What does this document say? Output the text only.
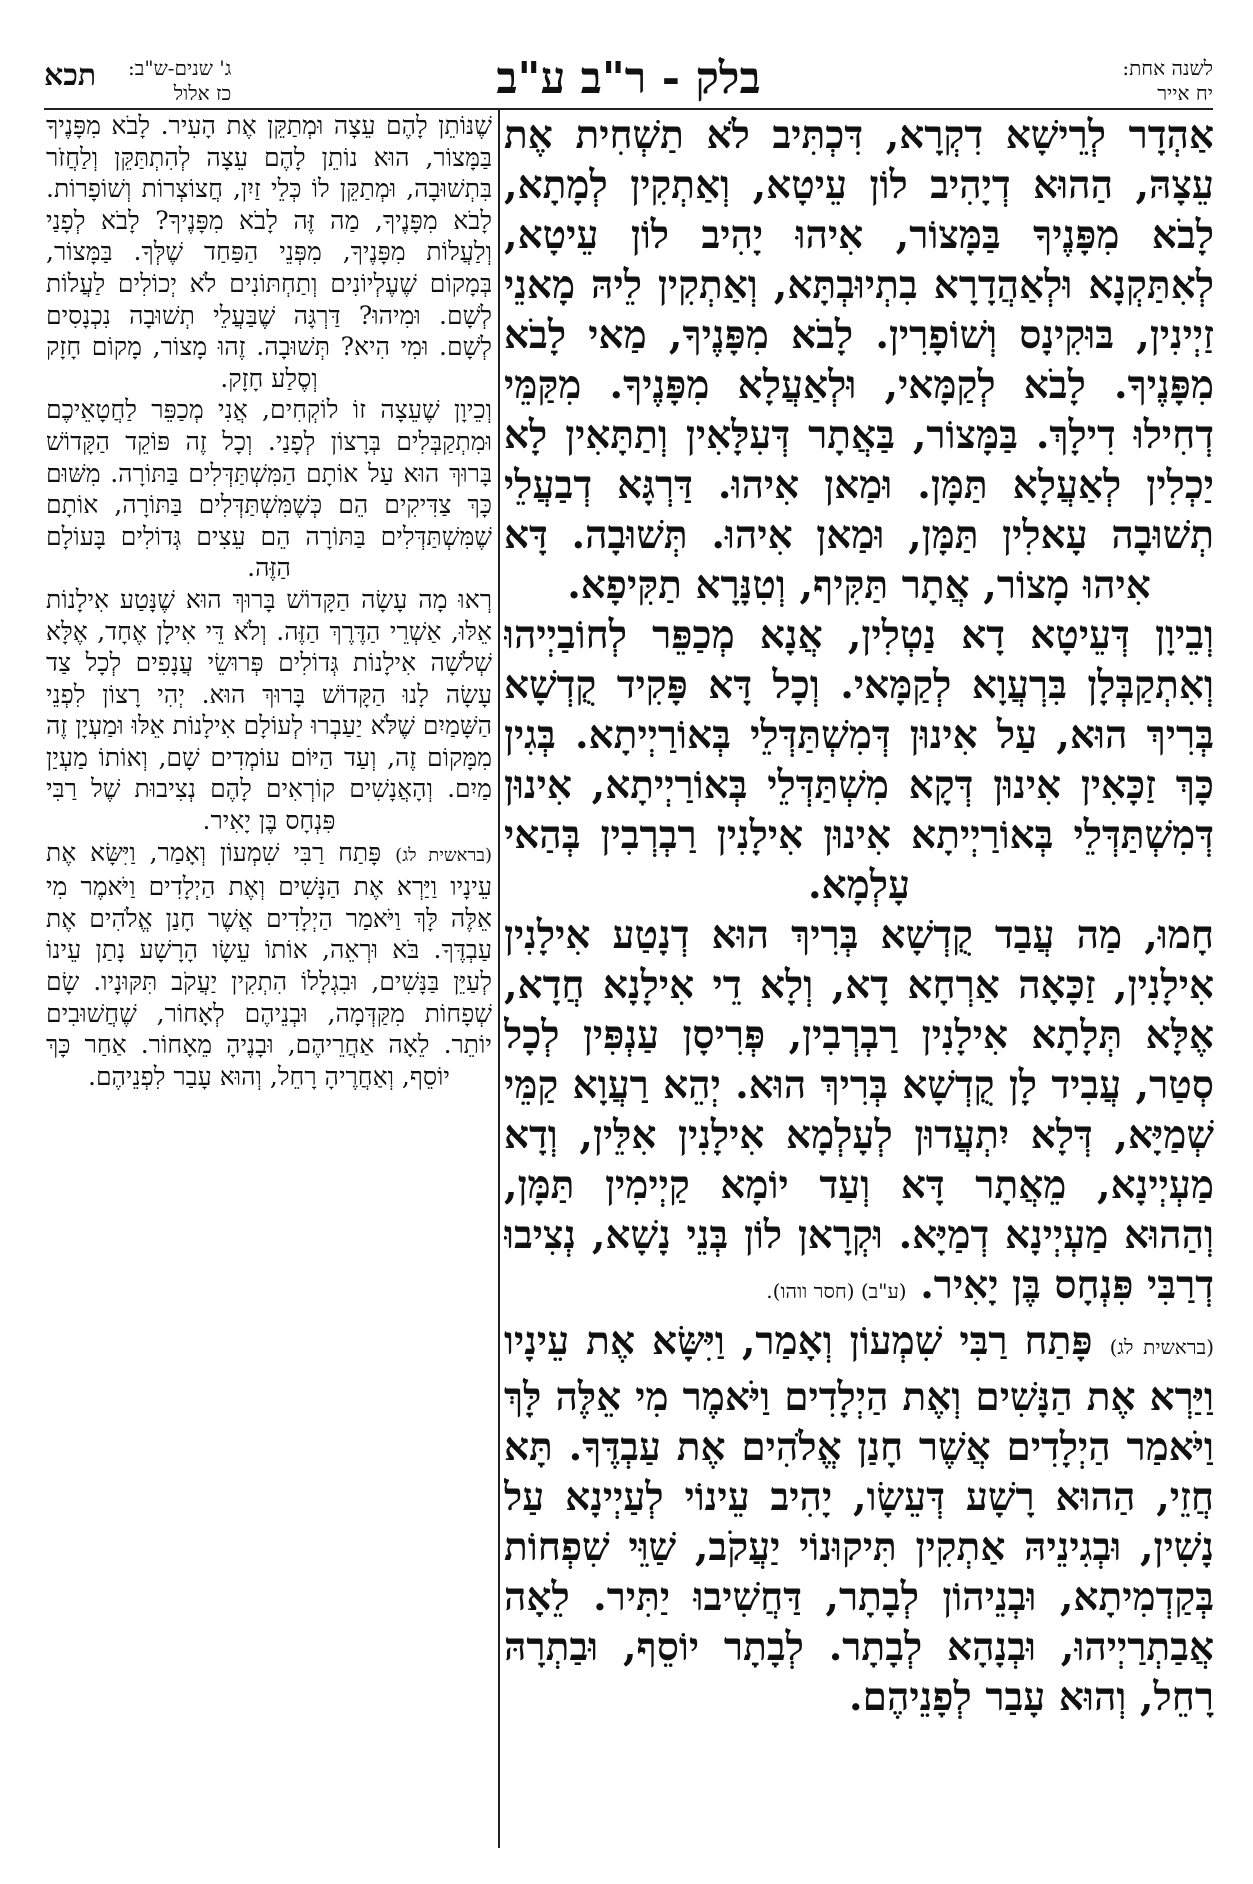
לשנה אחת:
יח אייר
בלק - ר"ב ע"ב
ג' שנים-ש"ב:
כז אלול
תכא

אַהְדָר לְרֵישָׁא דִקְרָא, דִּכְתִּיב לֹא תַשְׁחִית אֶת עֵצָהּ, הַהוּא דְיָהִיב לוֹן עֵיטָא, וְאַתְקִין לְמָתָא, לָבֹא מִפָּנֶיךָ בַּמָּצוֹר, אִיהוּ יָהִיב לוֹן עֵיטָא, לְאִתַּקְנָא וּלְאַהֲדָרָא בִתְיוּבְתָּא, וְאַתְקִין לֵיהּ מָאנֵי זַיְינִין, בּוּקִינָס וְשׁוֹפָרִין. לָבֹא מִפָּנֶיךָ, מַאי לָבֹא מִפָּנֶיךָ. לָבֹא לְקַמָּאי, וּלְאַעֲלָא מִפָּנֶיךָ. מִקַּמֵּי דְחִילוּ דִילָךְ. בַּמָּצוֹר, בַּאֲתָר דְּעִלָּאִין וְתַתָּאִין לָא יַכְלִין לְאַעֲלָא תַּמָּן. וּמַאן אִיהוּ. דַּרְגָּא דְבַעֲלֵי תְשׁוּבָה עָאלִין תַּמָּן, וּמַאן אִיהוּ. תְּשׁוּבָה. דָּא אִיהוּ מָצוֹר, אֲתָר תַּקִּיף, וְטִנָּרָא תַקִּיפָא.

וְבֵיוָן דְּעֵיטָא דָא נַטְלִין, אֲנָא מְכַפֵּר לְחוֹבַיְיהוּ וְאִתְקַבְּלָן בִּרְעֲוָא לְקַמָּאי. וְכָל דָּא פָּקִיד קֻדְשָׁא בְּרִיךְ הוּא, עַל אִינוּן דְּמִשְׁתַּדְּלֵי בְּאוֹרַיְיתָא. בְּגִין כָּךְ זַכָּאִין אִינוּן דְּקָא מִשְׁתַּדְּלֵי בְּאוֹרַיְיתָא, אִינוּן דְּמִשְׁתַּדְּלֵי בְּאוֹרַיְיתָא אִינוּן אִילָנִין רַבְרְבִין בְּהַאי עָלְמָא.

חָמוּ, מַה עֲבַד קֻדְשָׁא בְּרִיךְ הוּא דְנָטַע אִילָנִין אִילָנִין, זַכָּאָה אַרְחָא דָא, וְלָא דֵי אִילָנָא חֲדָא, אֶלָּא תְּלָתָא אִילָנִין רַבְרְבִין, פְּרִיסָן עַנְפִּין לְכָל סְטַר, עֲבִיד לָן קֻדְשָׁא בְּרִיךְ הוּא. יְהֵא רַעֲוָא קַמֵּי שְׁמַיָּא, דְּלָא יִתְעֲדוּן לְעָלְמָא אִילָנִין אִלֵּין, וְדָא מַעְיְינָא, מֵאֲתָר דָּא וְעַד יוֹמָא קַיְימִין תַּמָּן, וְהַהוּא מַעְיְינָא דְמַיָּא. וּקְרָאן לוֹן בְּנֵי נָשָׁא, נְצִיבוּ דְרַבִּי פִּנְחָס בֶּן יָאִיר. (ע"ב) (חסר ווהו).

(בראשית לג) פָּתַח רַבִּי שִׁמְעוֹן וְאָמַר, וַיִּשָּׂא אֶת עֵינָיו וַיַּרְא אֶת הַנָּשִׁים וְאֶת הַיְלָדִים וַיֹּאמֶר מִי אֵלֶּה לָּךְ וַיֹּאמַר הַיְלָדִים אֲשֶׁר חָנַן אֱלֹהִים אֶת עַבְדֶּךָ. תָּא חֲזֵי, הַהוּא רָשָׁע דְּעֵשָׂו, יָהִיב עֵינוֹי לְעַיְינָא עַל נָשִׁין, וּבְגִינֵיהּ אַתְקִין תִּיקוּנוֹי יַעֲקֹב, שַׁוֵּי שִׁפְחוֹת בְּקַדְמִיתָא, וּבְנֵיהוֹן לְבָתָר, דַּחֲשִׁיבוּ יַתִּיר. לֵאָה אֲבַתְרַיְיהוּ, וּבְנָהָא לְבָתָר. לְבָתָר יוֹסֵף, וּבַתְרָהּ רָחֵל, וְהוּא עָבַר לְפָנֵיהֶם.

שֶׁנּוֹתֵן לָהֶם עֵצָה וּמְתַקֵּן אֶת הָעִיר. לָבֹא מִפָּנֶיךָ בַּמָּצוֹר, הוּא נוֹתֵן לָהֶם עֵצָה לְהִתְתַּקֵּן וְלַחֲזֹר בִּתְשׁוּבָה, וּמְתַקֵּן לוֹ כְּלֵי זַיִן, חֲצוֹצְרוֹת וְשׁוֹפָרוֹת. לָבֹא מִפָּנֶיךָ, מַה זֶּה לָבֹא מִפָּנֶיךָ? לָבֹא לְפָנַי וְלַעֲלוֹת מִפָּנֶיךָ, מִפְּנֵי הַפַּחַד שֶׁלְּךָ. בַּמָּצוֹר, בְּמָקוֹם שֶׁעֶלְיוֹנִים וְתַחְתּוֹנִים לֹא יְכוֹלִים לַעֲלוֹת לְשָׁם. וּמִיהוּ? דַּרְגָּה שֶׁבַּעֲלֵי תְשׁוּבָה נִכְנָסִים לְשָׁם. וּמִי הִיא? תְּשׁוּבָה. זֶהוּ מָצוֹר, מָקוֹם חָזָק וְסֶלַע חָזָק.

וְכֵיוָן שֶׁעֵצָה זוֹ לוֹקְחִים, אֲנִי מְכַפֵּר לַחֲטָאֵיכֶם וּמִתְקַבְּלִים בְּרָצוֹן לְפָנַי. וְכָל זֶה פּוֹקֵד הַקָּדוֹשׁ בָּרוּךְ הוּא עַל אוֹתָם הַמִּשְׁתַּדְּלִים בַּתּוֹרָה. מִשּׁוּם כָּךְ צַדִּיקִים הֵם כְּשֶׁמִּשְׁתַּדְּלִים בַּתּוֹרָה, אוֹתָם שֶׁמִּשְׁתַּדְּלִים בַּתּוֹרָה הֵם עֵצִים גְּדוֹלִים בָּעוֹלָם הַזֶּה.

רְאוּ מָה עָשָׂה הַקָּדוֹשׁ בָּרוּךְ הוּא שֶׁנָּטַע אִילָנוֹת אֵלּוּ, אַשְׁרֵי הַדֶּרֶךְ הַזֶּה. וְלֹא דֵּי אִילָן אֶחָד, אֶלָּא שְׁלֹשָׁה אִילָנוֹת גְּדוֹלִים פְּרוּשֵׂי עֲנָפִים לְכָל צַד עָשָׂה לָנוּ הַקָּדוֹשׁ בָּרוּךְ הוּא. יְהִי רָצוֹן לִפְנֵי הַשָּׁמַיִם שֶׁלֹּא יַעַבְרוּ לְעוֹלָם אִילָנוֹת אֵלּוּ וּמַעְיָן זֶה מִמָּקוֹם זֶה, וְעַד הַיּוֹם עוֹמְדִים שָׁם, וְאוֹתוֹ מַעְיַן מַיִם. וְהָאֲנָשִׁים קוֹרְאִים לָהֶם נְצִיבוּת שֶׁל רַבִּי פִּנְחָס בֶּן יָאִיר.

(בראשית לג) פָּתַח רַבִּי שִׁמְעוֹן וְאָמַר, וַיִּשָּׂא אֶת עֵינָיו וַיַּרְא אֶת הַנָּשִׁים וְאֶת הַיְלָדִים וַיֹּאמֶר מִי אֵלֶּה לָּךְ וַיֹּאמַר הַיְלָדִים אֲשֶׁר חָנַן אֱלֹהִים אֶת עַבְדֶּךָ. בֹּא וּרְאֵה, אוֹתוֹ עֵשָׂו הָרָשָׁע נָתַן עֵינוֹ לְעַיֵּן בַּנָּשִׁים, וּבִגְלָלוֹ הִתְקִין יַעֲקֹב תִּקּוּנָיו. שָׂם שְׁפָחוֹת מִקַּדְּמָה, וּבְנֵיהֶם לְאָחוֹר, שֶׁחֲשׁוּבִים יוֹתֵר. לֵאָה אַחֲרֵיהֶם, וּבָנֶיהָ מֵאָחוֹר. אַחַר כָּךְ יוֹסֵף, וְאַחֲרֶיהָ רָחֵל, וְהוּא עָבַר לִפְנֵיהֶם.
